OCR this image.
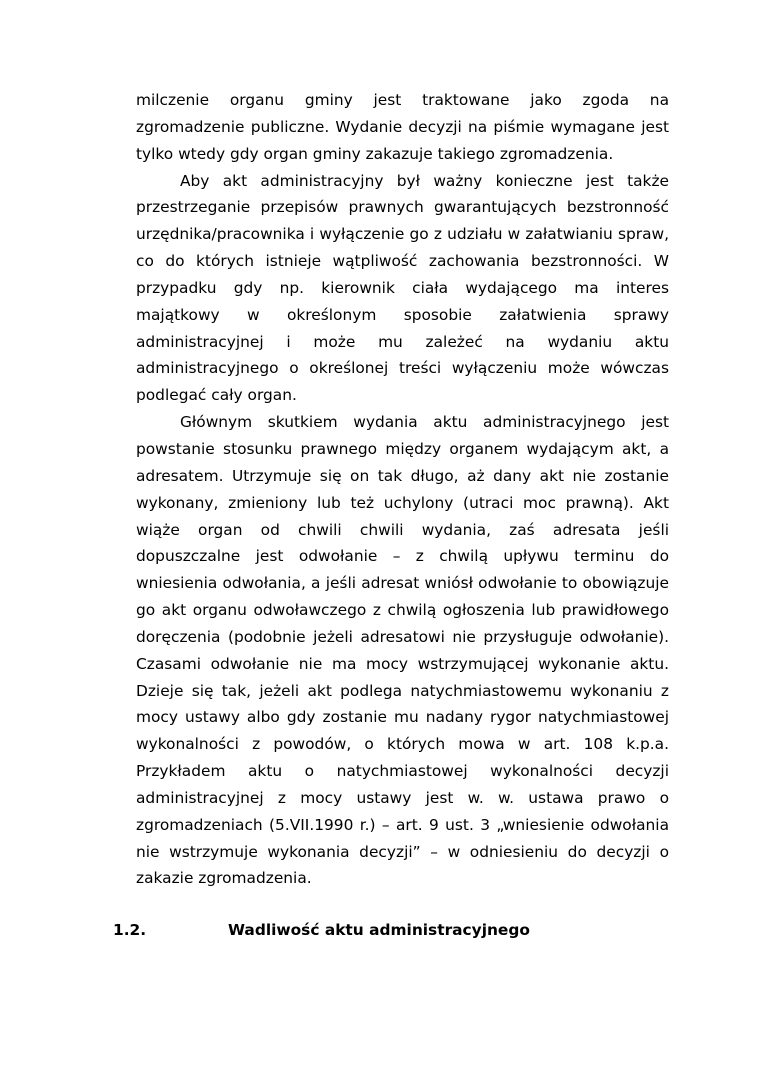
milczenie organu gminy jest traktowane jako zgoda na zgromadzenie publiczne. Wydanie decyzji na piśmie wymagane jest tylko wtedy gdy organ gminy zakazuje takiego zgromadzenia.

Aby akt administracyjny był ważny konieczne jest także przestrzeganie przepisów prawnych gwarantujących bezstronność urzędnika/pracownika i wyłączenie go z udziału w załatwianiu spraw, co do których istnieje wątpliwość zachowania bezstronności. W przypadku gdy np. kierownik ciała wydającego ma interes majątkowy w określonym sposobie załatwienia sprawy administracyjnej i może mu zależeć na wydaniu aktu administracyjnego o określonej treści wyłączeniu może wówczas podlegać cały organ.

Głównym skutkiem wydania aktu administracyjnego jest powstanie stosunku prawnego między organem wydającym akt, a adresatem. Utrzymuje się on tak długo, aż dany akt nie zostanie wykonany, zmieniony lub też uchylony (utraci moc prawną). Akt wiąże organ od chwili chwili wydania, zaś adresata jeśli dopuszczalne jest odwołanie – z chwilą upływu terminu do wniesienia odwołania, a jeśli adresat wniósł odwołanie to obowiązuje go akt organu odwoławczego z chwilą ogłoszenia lub prawidłowego doręczenia (podobnie jeżeli adresatowi nie przysługuje odwołanie). Czasami odwołanie nie ma mocy wstrzymującej wykonanie aktu. Dzieje się tak, jeżeli akt podlega natychmiastowemu wykonaniu z mocy ustawy albo gdy zostanie mu nadany rygor natychmiastowej wykonalności z powodów, o których mowa w art. 108 k.p.a. Przykładem aktu o natychmiastowej wykonalności decyzji administracyjnej z mocy ustawy jest w. w. ustawa prawo o zgromadzeniach (5.VII.1990 r.) – art. 9 ust. 3 „wniesienie odwołania nie wstrzymuje wykonania decyzji” – w odniesieniu do decyzji o zakazie zgromadzenia.

1.2.	Wadliwość aktu administracyjnego
